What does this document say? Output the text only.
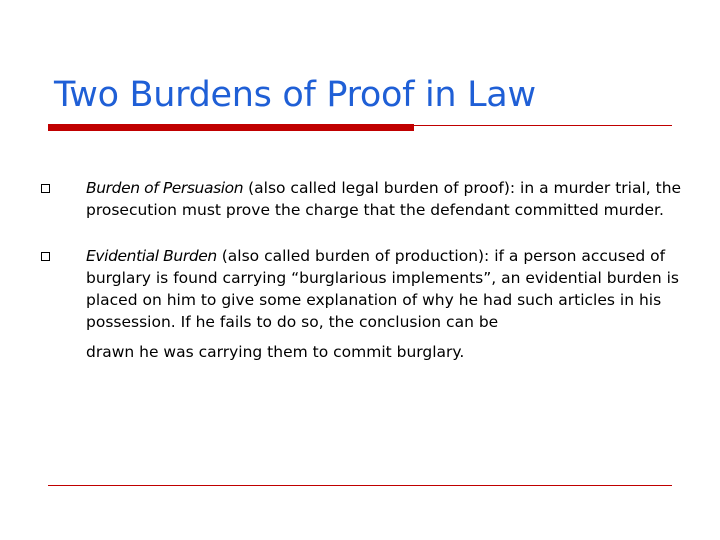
Two Burdens of Proof in Law

Burden of Persuasion (also called legal burden of proof): in a murder trial, the prosecution must prove the charge that the defendant committed murder.

Evidential Burden (also called burden of production): if a person accused of burglary is found carrying “burglarious implements”, an evidential burden is placed on him to give some explanation of why he had such articles in his possession. If he fails to do so, the conclusion can be
drawn he was carrying them to commit burglary.
